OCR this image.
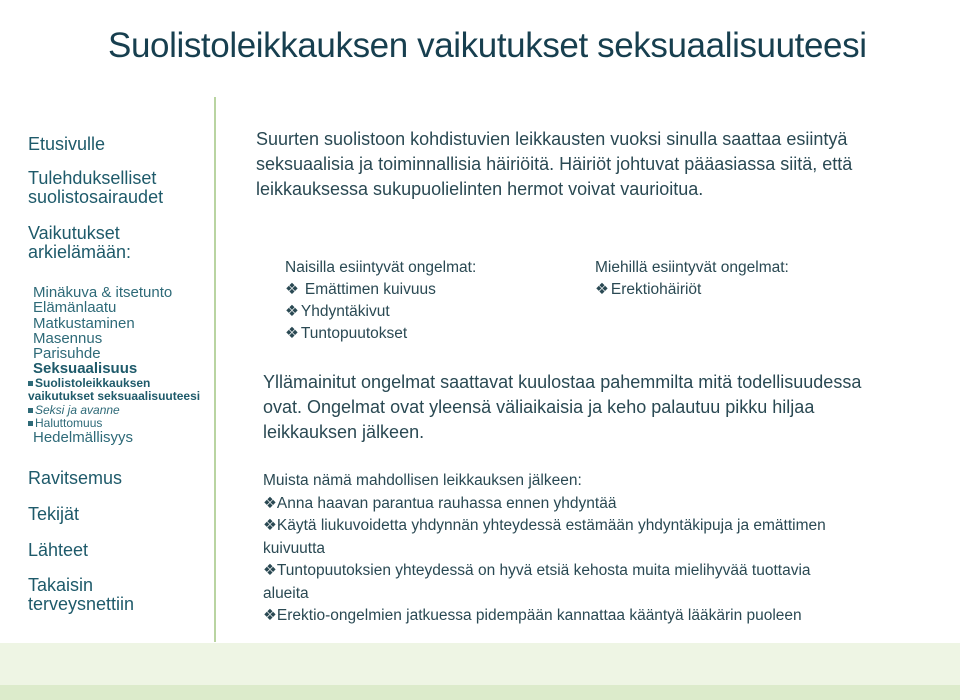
Suolistoleikkauksen vaikutukset seksuaalisuuteesi
Etusivulle
Tulehdukselliset suolistosairaudet
Vaikutukset arkielämään:
Minäkuva & itsetunto
Elämänlaatu
Matkustaminen
Masennus
Parisuhde
Seksuaalisuus
Suolistoleikkauksen vaikutukset seksuaalisuuteesi
Seksi ja avanne
Haluttomuus
Hedelmällisyys
Ravitsemus
Tekijät
Lähteet
Takaisin terveysnettiin
Suurten suolistoon kohdistuvien leikkausten vuoksi sinulla saattaa esiintyä seksuaalisia ja toiminnallisia häiriöitä. Häiriöt johtuvat pääasiassa siitä, että leikkauksessa sukupuolielinten hermot voivat vaurioitua.
Naisilla esiintyvät ongelmat:
❖ Emättimen kuivuus
❖ Yhdyntäkivut
❖ Tuntopuutokset
Miehillä esiintyvät ongelmat:
❖ Erektiohäiriöt
Yllämainitut ongelmat saattavat kuulostaa pahemmilta mitä todellisuudessa ovat. Ongelmat ovat yleensä väliaikaisia ja keho palautuu pikku hiljaa leikkauksen jälkeen.
Muista nämä mahdollisen leikkauksen jälkeen:
❖ Anna haavan parantua rauhassa ennen yhdyntää
❖ Käytä liukuvoidetta yhdynnän yhteydessä estämään yhdyntäkipuja ja emättimen kuivuutta
❖ Tuntopuutoksien yhteydessä on hyvä etsiä kehosta muita mielihyvää tuottavia alueita
❖ Erektio-ongelmien jatkuessa pidempään kannattaa kääntyä lääkärin puoleen
